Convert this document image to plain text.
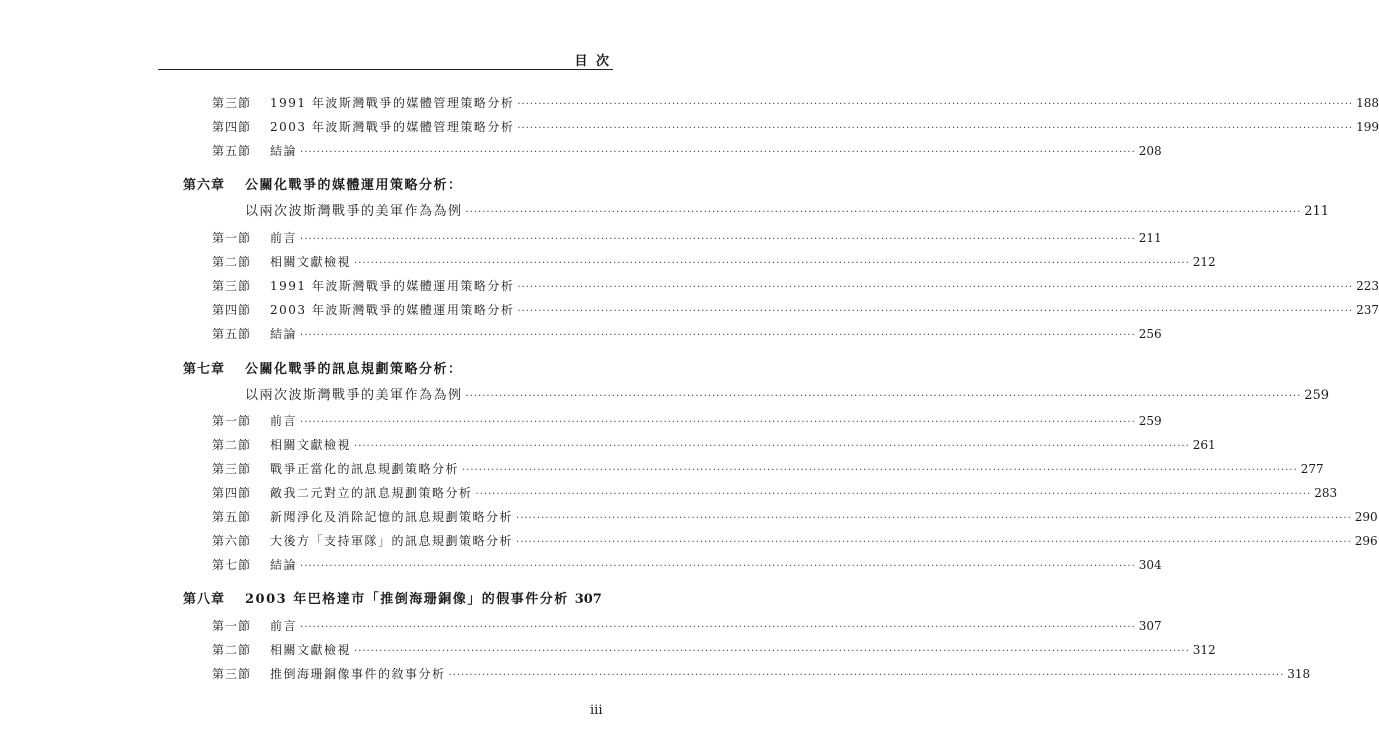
目 次
第三節	1991 年波斯灣戰爭的媒體管理策略分析 ········································································································································································································ 188
第四節	2003 年波斯灣戰爭的媒體管理策略分析 ········································································································································································································ 199
第五節	結論 ········································································································································································································ 208
第六章	公關化戰爭的媒體運用策略分析：
以兩次波斯灣戰爭的美軍作為為例 ········································································································································································································ 211
第一節	前言 ········································································································································································································ 211
第二節	相關文獻檢視 ········································································································································································································ 212
第三節	1991 年波斯灣戰爭的媒體運用策略分析 ········································································································································································································ 223
第四節	2003 年波斯灣戰爭的媒體運用策略分析 ········································································································································································································ 237
第五節	結論 ········································································································································································································ 256
第七章	公關化戰爭的訊息規劃策略分析：
以兩次波斯灣戰爭的美軍作為為例 ········································································································································································································ 259
第一節	前言 ········································································································································································································ 259
第二節	相關文獻檢視 ········································································································································································································ 261
第三節	戰爭正當化的訊息規劃策略分析 ········································································································································································································ 277
第四節	敵我二元對立的訊息規劃策略分析 ········································································································································································································ 283
第五節	新聞淨化及消除記憶的訊息規劃策略分析 ········································································································································································································ 290
第六節	大後方「支持軍隊」的訊息規劃策略分析 ········································································································································································································ 296
第七節	結論 ········································································································································································································ 304
第八章	2003 年巴格達市「推倒海珊銅像」的假事件分析 307
第一節	前言 ········································································································································································································ 307
第二節	相關文獻檢視 ········································································································································································································ 312
第三節	推倒海珊銅像事件的敘事分析 ········································································································································································································ 318
iii
